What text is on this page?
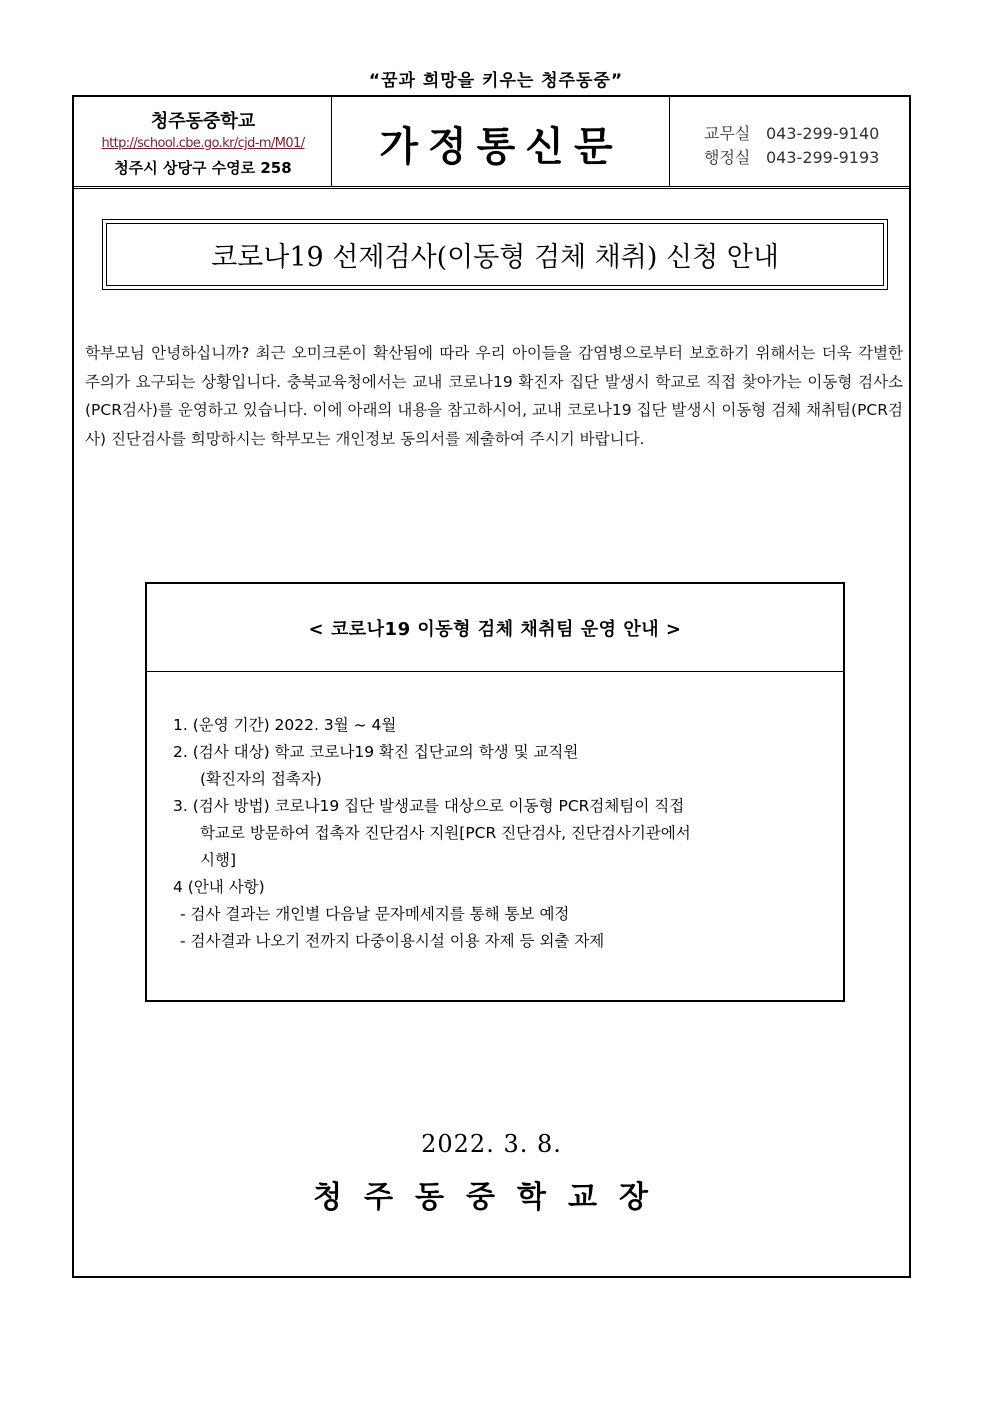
“꿈과 희망을 키우는 청주동중”
청주동중학교
http://school.cbe.go.kr/cjd-m/M01/
청주시 상당구 수영로 258	가정통신문	교무실 043-299-9140
행정실 043-299-9193
코로나19 선제검사(이동형 검체 채취) 신청 안내
학부모님 안녕하십니까? 최근 오미크론이 확산됨에 따라 우리 아이들을 감염병으로부터 보호하기 위해서는 더욱 각별한 주의가 요구되는 상황입니다. 충북교육청에서는 교내 코로나19 확진자 집단 발생시 학교로 직접 찾아가는 이동형 검사소(PCR검사)를 운영하고 있습니다. 이에 아래의 내용을 참고하시어, 교내 코로나19 집단 발생시 이동형 검체 채취팀(PCR검사) 진단검사를 희망하시는 학부모는 개인정보 동의서를 제출하여 주시기 바랍니다.
< 코로나19 이동형 검체 채취팀 운영 안내 >
1. (운영 기간) 2022. 3월 ~ 4월
2. (검사 대상) 학교 코로나19 확진 집단교의 학생 및 교직원
(확진자의 접촉자)
3. (검사 방법) 코로나19 집단 발생교를 대상으로 이동형 PCR검체팀이 직접
학교로 방문하여 접촉자 진단검사 지원[PCR 진단검사, 진단검사기관에서
시행]
4 (안내 사항)
- 검사 결과는 개인별 다음날 문자메세지를 통해 통보 예정
- 검사결과 나오기 전까지 다중이용시설 이용 자제 등 외출 자제
2022. 3. 8.
청주동중학교장
